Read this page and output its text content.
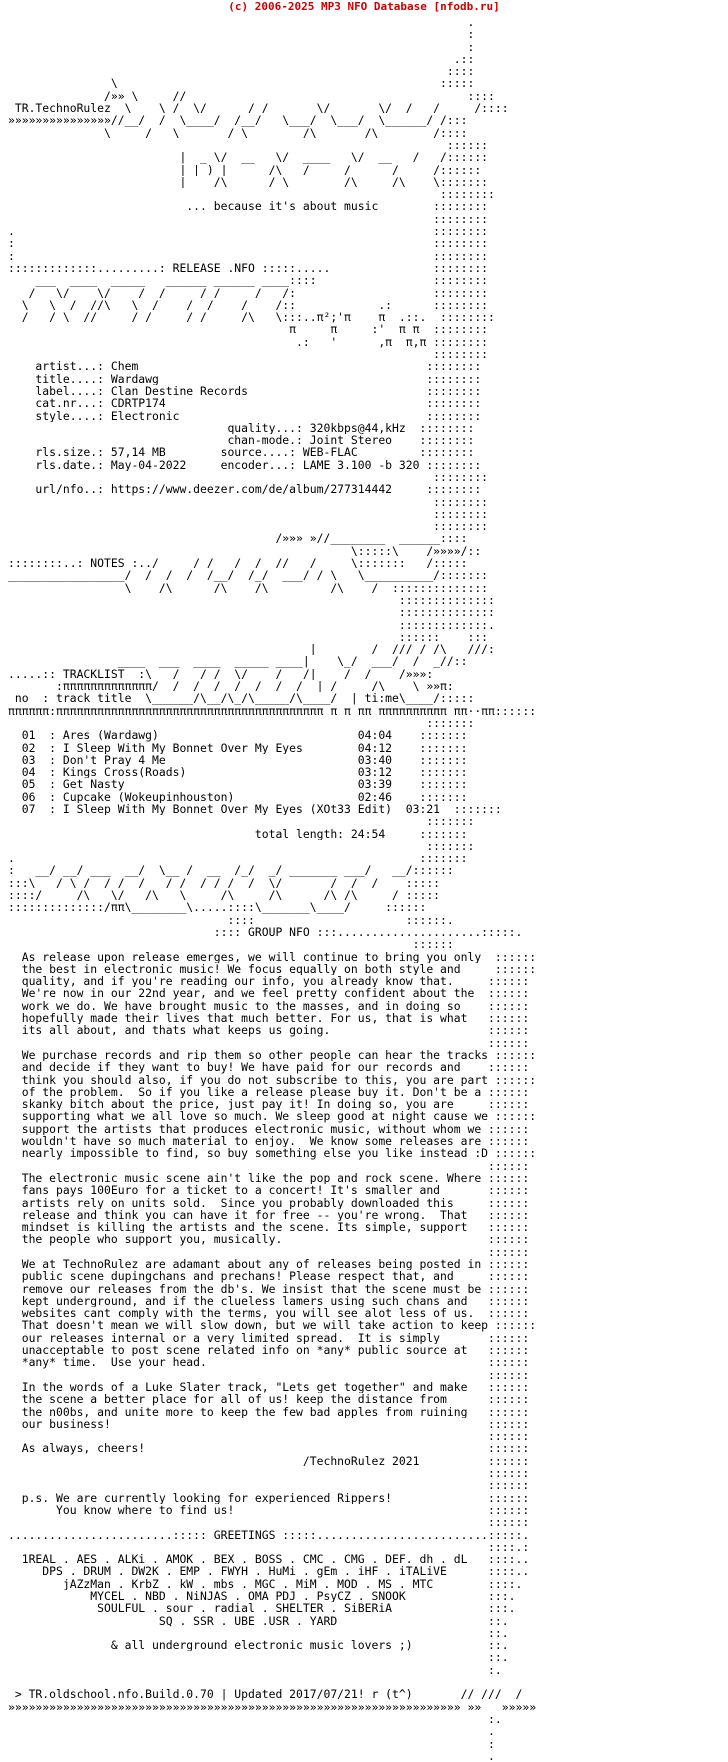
(c) 2006-2025 MP3 NFO Database [nfodb.ru]
.
:
:
.::
::::
\                                               :::::
_/»» \_   _//  ______  _______  _______  ___    _____ ::::
TR.TechnoRulez  \    \_/  \/ __   /_/  __   \/  __   \/  /___/__   /::::
»»»»»»»»»»»»»»»//__/  /  \____/  /__/   \___/  \___/  \______/ /:::
\_____/   \_______/ \________/\_______/\________/::::
____  _______  _________  _______ ____::::::
|  _ \/  __   \/  ____   \/  __   /   /::::::
| |_) |  ____/\___/  ___/  ____/   __/::::::
|____/\______/ \________/\_____/\____\:::::::
::::::::
... because it's about music        ::::::::
::::::::
.                                                             ::::::::
:                                                             ::::::::
:                                                             ::::::::
:::::::::::::.........: RELEASE .NFO :::::.....               ::::::::
___  ____  _____   ______ ______ ____::::                 ::::::::
_/   \/    \/  __/  /   __/ /   __/   /:                    ::::::::
\   \  /  //\__ \  /  __/  /  __/   _/::            .:      ::::::::
/___/ \__//_____/ /_____/ /_____/\___\:::..π²;'π    π  .::.  ::::::::
π     π     :'  π π  ::::::::
.:   '      ,π  π,π ::::::::
::::::::
artist...: Chem                                          ::::::::
title....: Wardawg                                       ::::::::
label....: Clan Destine Records                          ::::::::
cat.nr...: CDRTP174                                      ::::::::
style....: Electronic                                    ::::::::
quality...: 320kbps@44,kHz  ::::::::
chan-mode.: Joint Stereo    ::::::::
rls.size.: 57,14 MB        source....: WEB-FLAC         ::::::::
rls.date.: May-04-2022     encoder...: LAME 3.100 -b 320 ::::::::
::::::::
url/nfo..: https://www.deezer.com/de/album/277314442     ::::::::
::::::::
::::::::
::::::::
/»»» »//________  ______::::
______   ____   ___ ____ __   \:::::\___ /»»»»/::
::::::::..: NOTES :../   __/ /   /  /  //  _/ __  \:::::::___/:::::
_________________/  /  /  /  /__/  /_/  ___/ / \   \__________/:::::::
\____/\______/\____/\_________/\____/  ::::::::::::::
::::::::::::::
::::::::::::::
:::::::::::::.
::::::____:::
|___    _/  ///_/ /\___///:
____  ___  ____  _____ ____|    \_/  ___/  /  _//::
.....:: TRACKLIST  :\   /  _/_/  \/  __/  _/|  __/  /  __/»»»:
:πππππππππππππ/  /  /  /  /  /__/  /__|_/_____/\____\ »»π:
no  : track title  \______/\__/\_/\_____/\____/  | ti:me\____/:::::
ππππππ:πππππππππππππππππππππππππππππππππππππππ π π ππ ππππππππππ ππ··ππ::::::
:::::::
01  : Ares (Wardawg)                             04:04    :::::::
02  : I Sleep With My Bonnet Over My Eyes        04:12    :::::::
03  : Don't Pray 4 Me                            03:40    :::::::
04  : Kings Cross(Roads)                         03:12    :::::::
05  : Get Nasty                                  03:39    :::::::
06  : Cupcake (Wokeupinhouston)                  02:46    :::::::
07  : I Sleep With My Bonnet Over My Eyes (XOt33 Edit)  03:21  :::::::
:::::::
total length: 24:54     :::::::
:::::::
.      ____         ___    _______  _____            ______ :::::::
:   __/ __/ ___  __/  \__ /  __  /_/  _/ _______ ___/   __/::::::
:::\   / \_/ _/ /  /   /_/  /_/ /  /  \/  ___  /  /  /__  :::::
::::/_____/\___\/___/\___\_____/\_____/\______/\_/\_____/ :::::
::::::::::::::/ππ\________\.....::::\_______\____/     ::::::
::::                      ::::::.
:::: GROUP NFO :::.....................:::::.
::::::
As release upon release emerges, we will continue to bring you only  ::::::
the best in electronic music! We focus equally on both style and     ::::::
quality, and if you're reading our info, you already know that.     ::::::
We're now in our 22nd year, and we feel pretty confident about the  ::::::
work we do. We have brought music to the masses, and in doing so    ::::::
hopefully made their lives that much better. For us, that is what   ::::::
its all about, and thats what keeps us going.                       ::::::
::::::
We purchase records and rip them so other people can hear the tracks ::::::
and decide if they want to buy! We have paid for our records and    ::::::
think you should also, if you do not subscribe to this, you are part ::::::
of the problem.  So if you like a release please buy it. Don't be a ::::::
skanky bitch about the price, just pay it! In doing so, you are     ::::::
supporting what we all love so much. We sleep good at night cause we ::::::
support the artists that produces electronic music, without whom we ::::::
wouldn't have so much material to enjoy.  We know some releases are ::::::
nearly impossible to find, so buy something else you like instead :D ::::::
::::::
The electronic music scene ain't like the pop and rock scene. Where ::::::
fans pays 100Euro for a ticket to a concert! It's smaller and       ::::::
artists rely on units sold.  Since you probably downloaded this     ::::::
release and think you can have it for free -- you're wrong.  That   ::::::
mindset is killing the artists and the scene. Its simple, support   ::::::
the people who support you, musically.                              ::::::
::::::
We at TechnoRulez are adamant about any of releases being posted in ::::::
public scene dupingchans and prechans! Please respect that, and     ::::::
remove our releases from the db's. We insist that the scene must be ::::::
kept underground, and if the clueless lamers using such chans and   ::::::
websites cant comply with the terms, you will see alot less of us.  ::::::
That doesn't mean we will slow down, but we will take action to keep ::::::
our releases internal or a very limited spread.  It is simply       ::::::
unacceptable to post scene related info on *any* public source at   ::::::
*any* time.  Use your head.                                         ::::::
::::::
In the words of a Luke Slater track, "Lets get together" and make   ::::::
the scene a better place for all of us! keep the distance from      ::::::
the n00bs, and unite more to keep the few bad apples from ruining   ::::::
our business!                                                       ::::::
::::::
As always, cheers!                                                  ::::::
/TechnoRulez 2021          ::::::
::::::
::::::
p.s. We are currently looking for experienced Rippers!              ::::::
You know where to find us!                                     ::::::
::::::
........................::::: GREETINGS :::::.........................:::::.
::::.:
1REAL . AES . ALKi . AMOK . BEX . BOSS . CMC . CMG . DEF. dh . dL   ::::..
DPS . DRUM . DW2K . EMP . FWYH . HuMi . gEm . iHF . iTALiVE      ::::..
jAZzMan . KrbZ . kW . mbs . MGC . MiM . MOD . MS . MTC        ::::.
MYCEL . NBD . NiNJAS . OMA PDJ . PsyCZ . SNOOK            :::.
SOULFUL . sour . radial . SHELTER . SiBERiA              :::.
SQ . SSR . UBE .USR . YARD                      ::.
::.
& all underground electronic music lovers ;)           ::.
::.
:.
_______________________________________________________________  __ ___  _____
> TR.oldschool.nfo.Build.0.70 | Updated 2017/07/21! r (t^)       // ///  /
»»»»»»»»»»»»»»»»»»»»»»»»»»»»»»»»»»»»»»»»»»»»»»»»»»»»»»»»»»»»»»»»»» »»   »»»»»
:.
.
:
.
